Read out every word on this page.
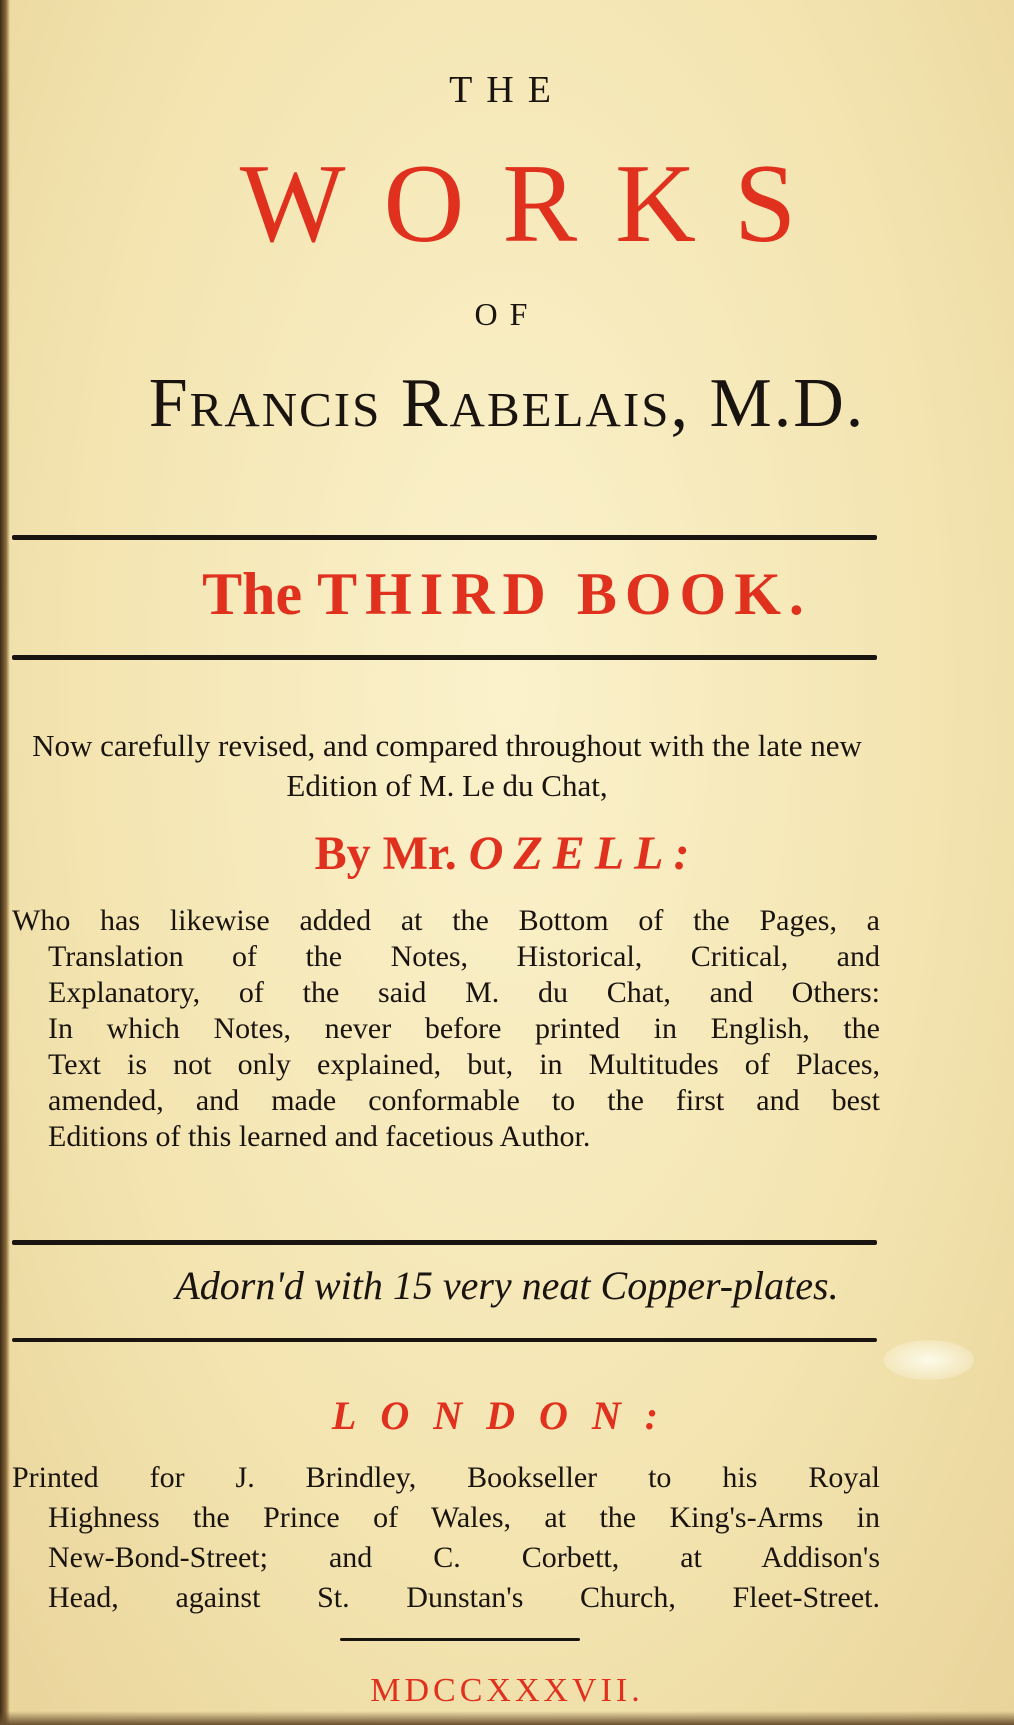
THE
WORKS
OF
Francis Rabelais, M.D.
The THIRD BOOK.
Now carefully revised, and compared throughout with the late new Edition of M. Le du Chat,
By Mr. OZELL:
Who has likewise added at the Bottom of the Pages, a
Translation of the Notes, Historical, Critical, and
Explanatory, of the said M. du Chat, and Others:
In which Notes, never before printed in English, the
Text is not only explained, but, in Multitudes of Places,
amended, and made conformable to the first and best
Editions of this learned and facetious Author.
Adorn'd with 15 very neat Copper-plates.
LONDON:
Printed for J. Brindley, Bookseller to his Royal
Highness the Prince of Wales, at the King's-Arms in
New-Bond-Street; and C. Corbett, at Addison's
Head, against St. Dunstan's Church, Fleet-Street.
MDCCXXXVII.
